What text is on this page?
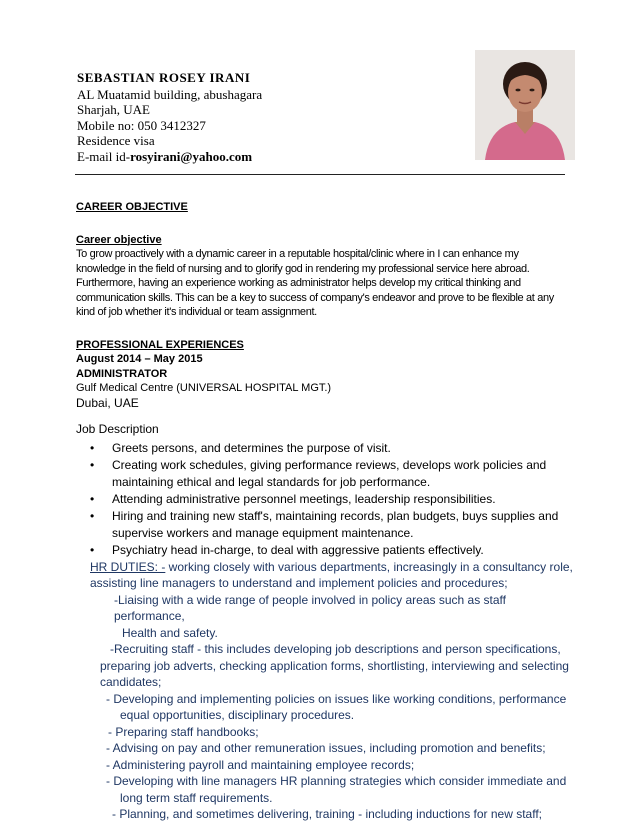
SEBASTIAN ROSEY IRANI
AL Muatamid building, abushagara
Sharjah, UAE
Mobile no: 050 3412327
Residence visa
E-mail id-rosyirani@yahoo.com

CAREER OBJECTIVE

Career objective

To grow proactively with a dynamic career in a reputable hospital/clinic where in I can enhance my

knowledge in the field of nursing and to glorify god in rendering my professional service here abroad.

Furthermore, having an experience working as administrator helps develop my critical thinking and

communication skills. This can be a key to success of company's endeavor and prove to be flexible at any

kind of job whether it's individual or team assignment.

PROFESSIONAL EXPERIENCES

August 2014 – May 2015

ADMINISTRATOR

Gulf Medical Centre (UNIVERSAL HOSPITAL MGT.)

Dubai, UAE

Job Description

• Greets persons, and determines the purpose of visit.
• Creating work schedules, giving performance reviews, develops work policies and
maintaining ethical and legal standards for job performance.
• Attending administrative personnel meetings, leadership responsibilities.
• Hiring and training new staff's, maintaining records, plan budgets, buys supplies and
supervise workers and manage equipment maintenance.
• Psychiatry head in-charge, to deal with aggressive patients effectively.

HR DUTIES: - working closely with various departments, increasingly in a consultancy role,

assisting line managers to understand and implement policies and procedures;

-Liaising with a wide range of people involved in policy areas such as staff performance,

Health and safety.

-Recruiting staff - this includes developing job descriptions and person specifications,

preparing job adverts, checking application forms, shortlisting, interviewing and selecting

candidates;

- Developing and implementing policies on issues like working conditions, performance

equal opportunities, disciplinary procedures.

- Preparing staff handbooks;

- Advising on pay and other remuneration issues, including promotion and benefits;

- Administering payroll and maintaining employee records;

- Developing with line managers HR planning strategies which consider immediate and

long term staff requirements.

- Planning, and sometimes delivering, training - including inductions for new staff;
